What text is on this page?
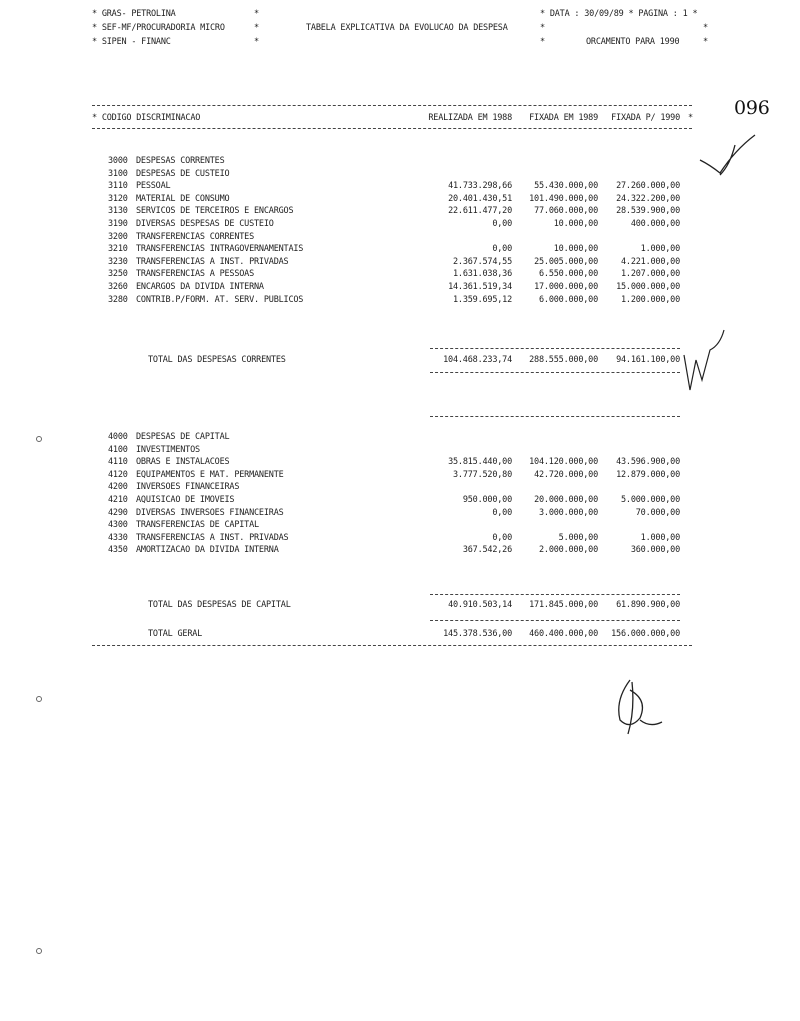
* GRAS- PETROLINA
* SEF-MF/PROCURADORIA MICRO
* SIPEN - FINANC
*
*
*
TABELA EXPLICATIVA DA EVOLUCAO DA DESPESA
* DATA : 30/09/89 * PAGINA : 1 *
*	*
*	ORCAMENTO PARA 1990	*
096
* CODIGO DISCRIMINACAO	REALIZADA EM 1988 FIXADA EM 1989 FIXADA P/ 1990 *
3000 DESPESAS CORRENTES
3100 DESPESAS DE CUSTEIO
3110 PESSOAL	41.733.298,66	55.430.000,00 27.260.000,00
3120 MATERIAL DE CONSUMO	20.401.430,51 101.490.000,00 24.322.200,00
3130 SERVICOS DE TERCEIROS E ENCARGOS	22.611.477,20	77.060.000,00 28.539.900,00
3190 DIVERSAS DESPESAS DE CUSTEIO	0,00	10.000,00	400.000,00
3200 TRANSFERENCIAS CORRENTES
3210 TRANSFERENCIAS INTRAGOVERNAMENTAIS	0,00	10.000,00	1.000,00
3230 TRANSFERENCIAS A INST. PRIVADAS	2.367.574,55	25.005.000,00	4.221.000,00
3250 TRANSFERENCIAS A PESSOAS	1.631.038,36	6.550.000,00	1.207.000,00
3260 ENCARGOS DA DIVIDA INTERNA	14.361.519,34	17.000.000,00 15.000.000,00
3280 CONTRIB.P/FORM. AT. SERV. PUBLICOS	1.359.695,12	6.000.000,00	1.200.000,00
TOTAL DAS DESPESAS CORRENTES	104.468.233,74 288.555.000,00 94.161.100,00
4000 DESPESAS DE CAPITAL
4100 INVESTIMENTOS
4110 OBRAS E INSTALACOES	35.815.440,00 104.120.000,00 43.596.900,00
4120 EQUIPAMENTOS E MAT. PERMANENTE	3.777.520,80	42.720.000,00 12.879.000,00
4200 INVERSOES FINANCEIRAS
4210 AQUISICAO DE IMOVEIS	950.000,00	20.000.000,00	5.000.000,00
4290 DIVERSAS INVERSOES FINANCEIRAS	0,00	3.000.000,00	70.000,00
4300 TRANSFERENCIAS DE CAPITAL
4330 TRANSFERENCIAS A INST. PRIVADAS	0,00	5.000,00	1.000,00
4350 AMORTIZACAO DA DIVIDA INTERNA	367.542,26	2.000.000,00	360.000,00
TOTAL DAS DESPESAS DE CAPITAL	40.910.503,14 171.845.000,00 61.890.900,00
TOTAL GERAL	145.378.536,00 460.400.000,00 156.000.000,00
